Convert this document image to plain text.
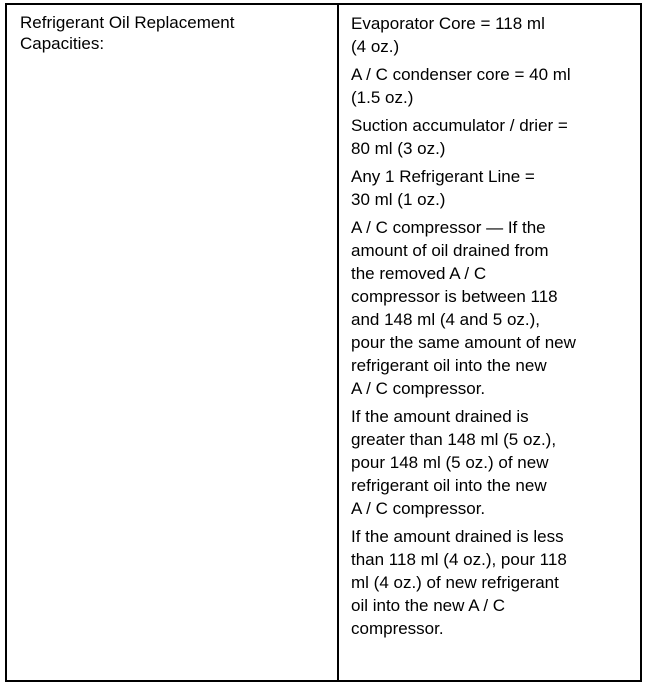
Refrigerant Oil Replacement
Capacities:
Evaporator Core = 118 ml
(4 oz.)
A / C condenser core = 40 ml
(1.5 oz.)
Suction accumulator / drier =
80 ml (3 oz.)
Any 1 Refrigerant Line =
30 ml (1 oz.)
A / C compressor — If the
amount of oil drained from
the removed A / C
compressor is between 118
and 148 ml (4 and 5 oz.),
pour the same amount of new
refrigerant oil into the new
A / C compressor.
If the amount drained is
greater than 148 ml (5 oz.),
pour 148 ml (5 oz.) of new
refrigerant oil into the new
A / C compressor.
If the amount drained is less
than 118 ml (4 oz.), pour 118
ml (4 oz.) of new refrigerant
oil into the new A / C
compressor.
